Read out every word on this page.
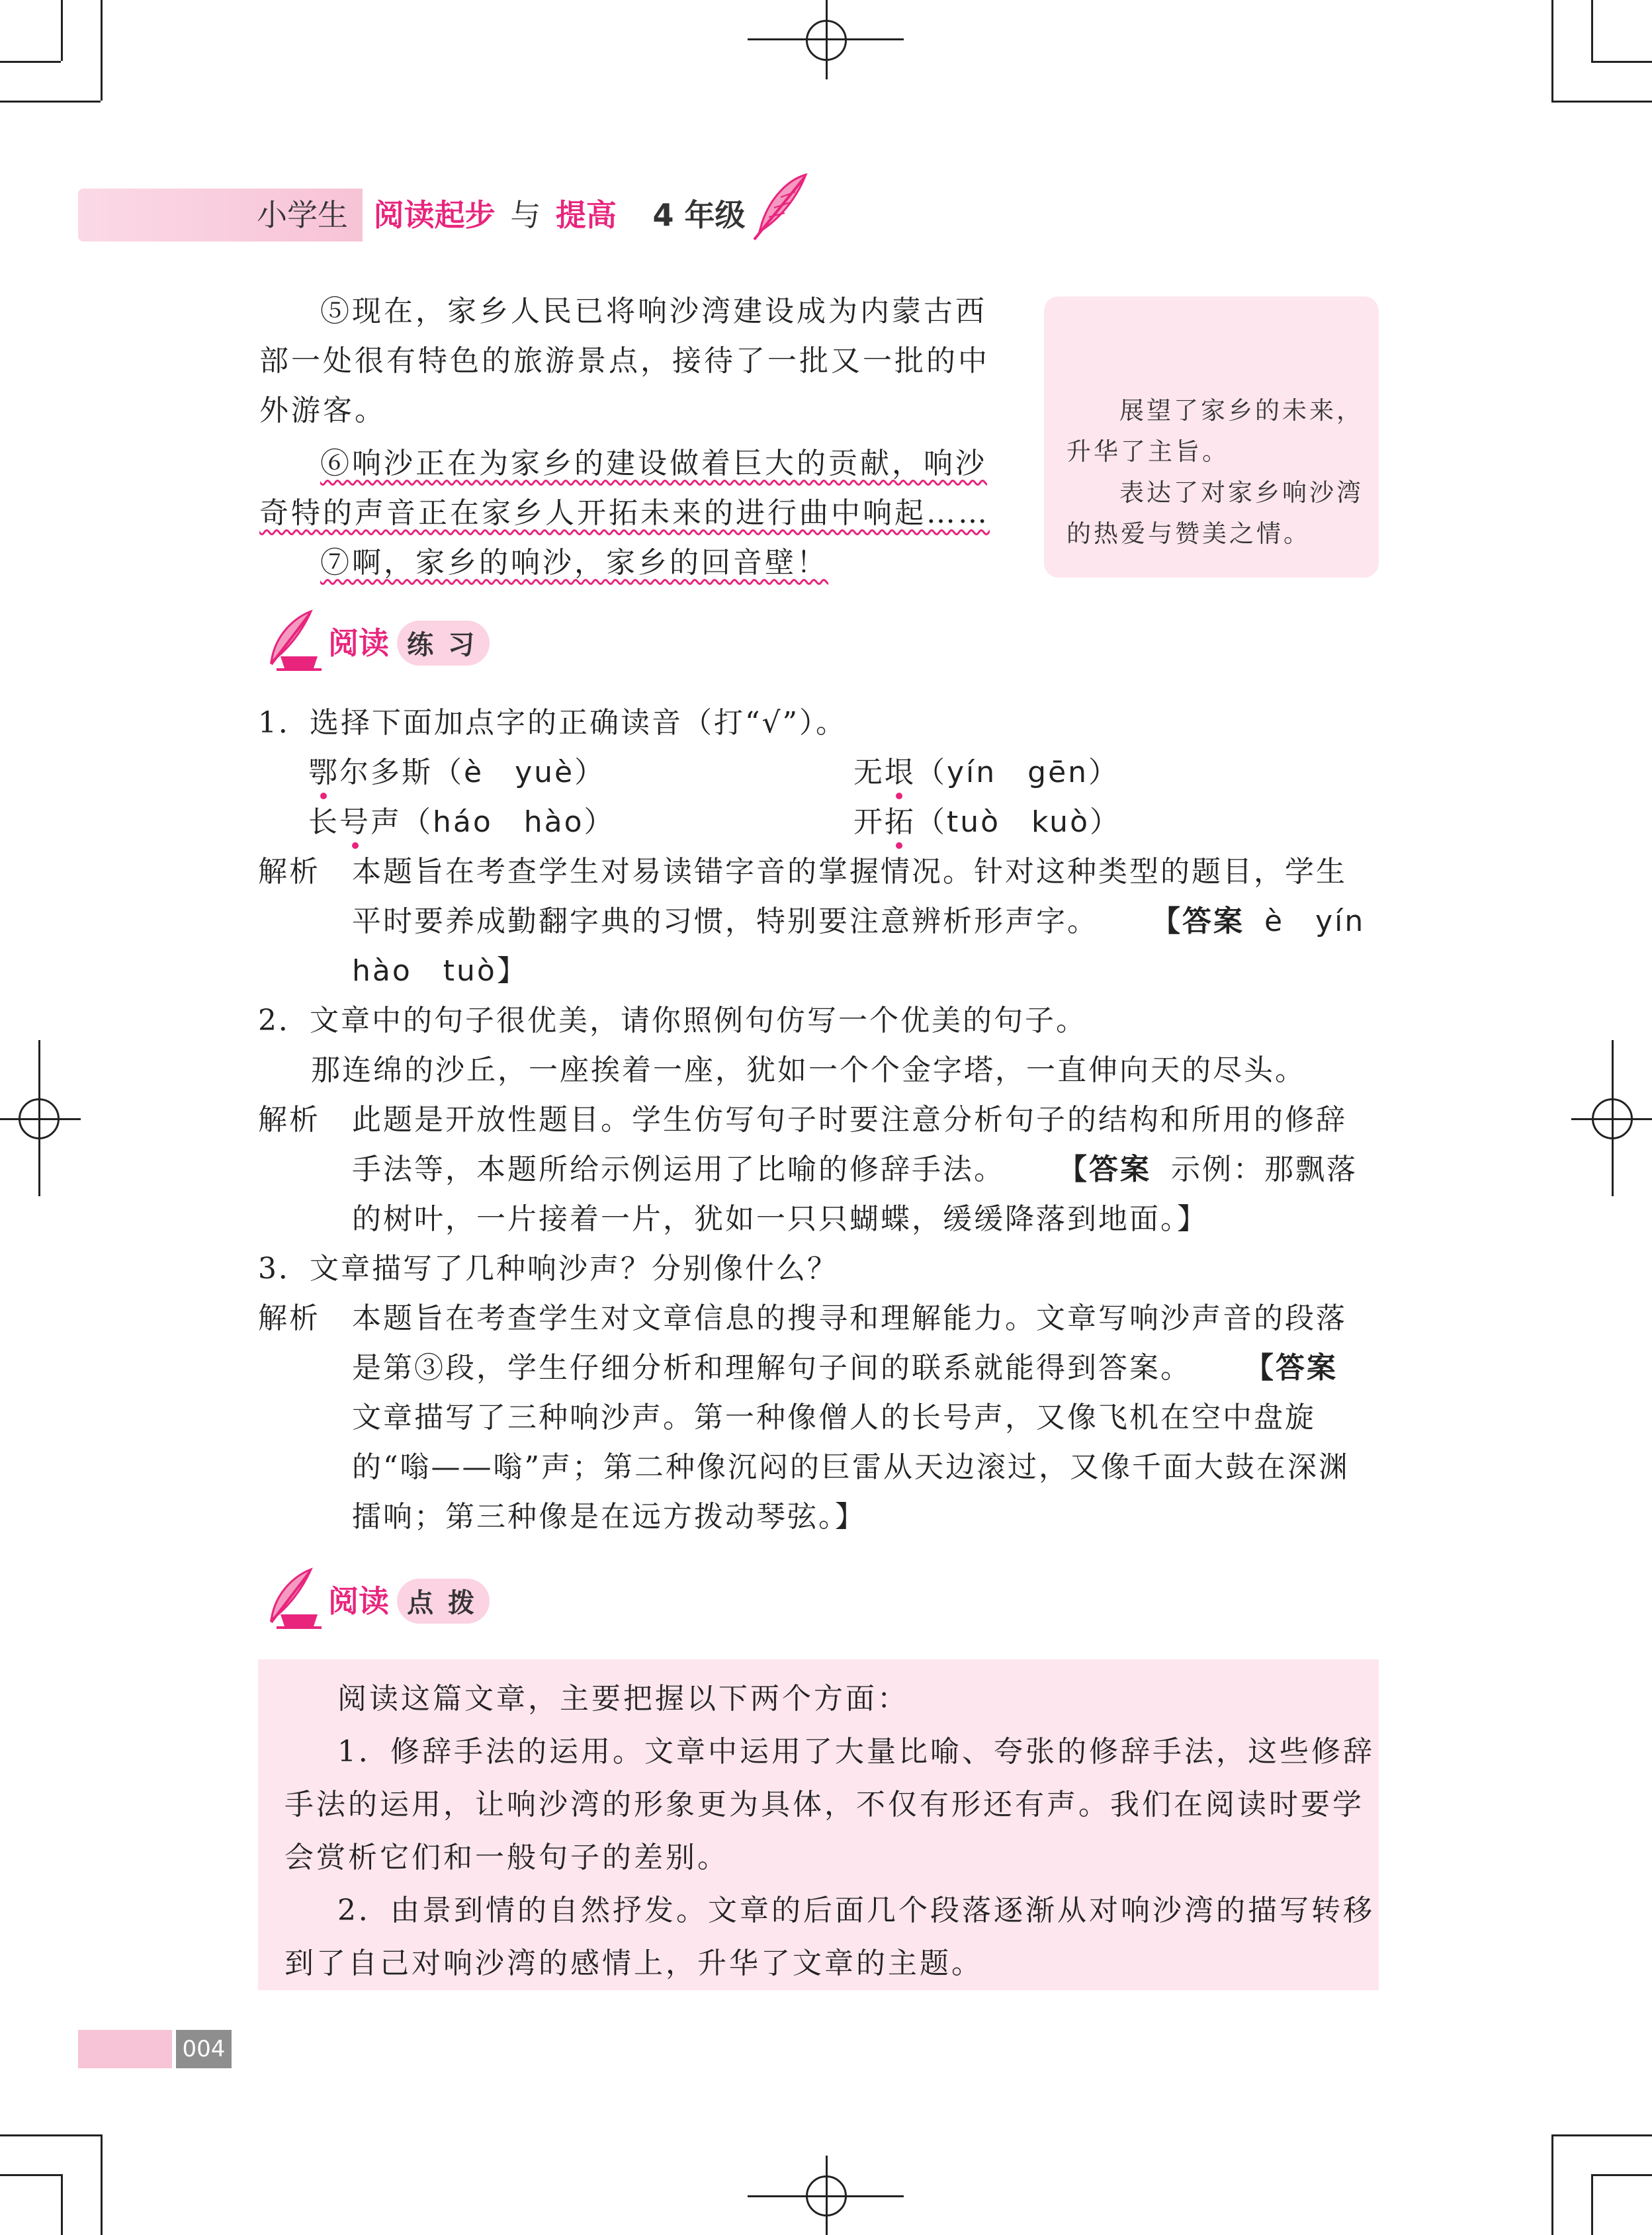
小学生 阅读起步 与 提高 4 年级
⑤现在，家乡人民已将响沙湾建设成为内蒙古西部一处很有特色的旅游景点，接待了一批又一批的中外游客。
⑥响沙正在为家乡的建设做着巨大的贡献，响沙奇特的声音正在家乡人开拓未来的进行曲中响起……
⑦啊，家乡的响沙，家乡的回音壁！
展望了家乡的未来，升华了主旨。
表达了对家乡响沙湾的热爱与赞美之情。
阅读 练习
1．选择下面加点字的正确读音（打“√”）。
鄂尔多斯（è　yuè）	无垠（yín　gēn）
长号声（háo　hào）	开拓（tuò　kuò）
解析 本题旨在考查学生对易读错字音的掌握情况。针对这种类型的题目，学生平时要养成勤翻字典的习惯，特别要注意辨析形声字。 【答案 è　yín　hào　tuò】
2．文章中的句子很优美，请你照例句仿写一个优美的句子。
那连绵的沙丘，一座挨着一座，犹如一个个金字塔，一直伸向天的尽头。
解析 此题是开放性题目。学生仿写句子时要注意分析句子的结构和所用的修辞手法等，本题所给示例运用了比喻的修辞手法。 【答案 示例：那飘落的树叶，一片接着一片，犹如一只只蝴蝶，缓缓降落到地面。】
3．文章描写了几种响沙声？分别像什么？
解析 本题旨在考查学生对文章信息的搜寻和理解能力。文章写响沙声音的段落是第③段，学生仔细分析和理解句子间的联系就能得到答案。 【答案文章描写了三种响沙声。第一种像僧人的长号声，又像飞机在空中盘旋的“嗡——嗡”声；第二种像沉闷的巨雷从天边滚过，又像千面大鼓在深渊擂响；第三种像是在远方拨动琴弦。】
阅读 点拨
阅读这篇文章，主要把握以下两个方面：
1．修辞手法的运用。文章中运用了大量比喻、夸张的修辞手法，这些修辞手法的运用，让响沙湾的形象更为具体，不仅有形还有声。我们在阅读时要学会赏析它们和一般句子的差别。
2．由景到情的自然抒发。文章的后面几个段落逐渐从对响沙湾的描写转移到了自己对响沙湾的感情上，升华了文章的主题。
004
